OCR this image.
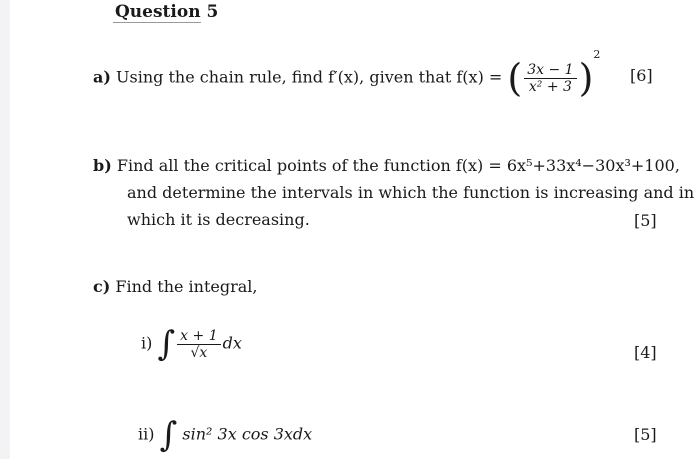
Question 5
a) Using the chain rule, find f′(x), given that f(x) = ( $\frac{3x - 1}{\text{x² + 3}} )^2$
[6]
b) Find all the critical points of the function f(x) = 6x⁵+33x⁴−30x³+100,
and determine the intervals in which the function is increasing and in
which it is decreasing.	[5]
c) Find the integral,
i) ∫ $\frac{x + 1}{√x}$ dx	[4]
ii) ∫ sin² 3x cos 3xdx	[5]
